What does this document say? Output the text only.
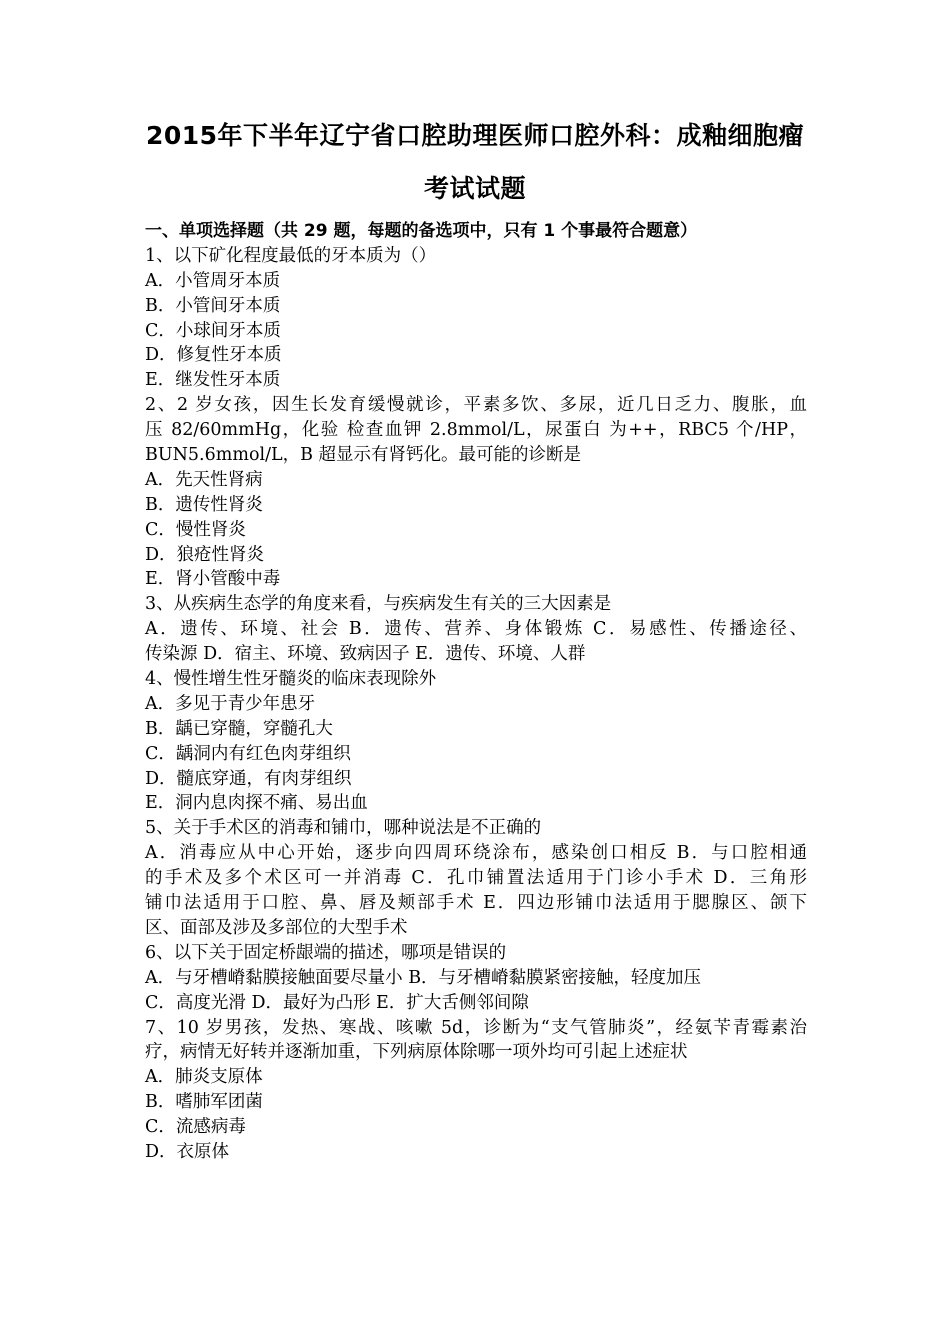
2015年下半年辽宁省口腔助理医师口腔外科：成釉细胞瘤
考试试题
一、单项选择题（共 29 题，每题的备选项中，只有 1 个事最符合题意）
1、以下矿化程度最低的牙本质为（）
A．小管周牙本质
B．小管间牙本质
C．小球间牙本质
D．修复性牙本质
E．继发性牙本质
2、2 岁女孩，因生长发育缓慢就诊，平素多饮、多尿，近几日乏力、腹胀，血
压 82/60mmHg，化验 检查血钾 2.8mmol/L，尿蛋白 为++，RBC5 个/HP，
BUN5.6mmol/L，B 超显示有肾钙化。最可能的诊断是
A．先天性肾病
B．遗传性肾炎
C．慢性肾炎
D．狼疮性肾炎
E．肾小管酸中毒
3、从疾病生态学的角度来看，与疾病发生有关的三大因素是
A．遗传、环境、社会 B．遗传、营养、身体锻炼 C．易感性、传播途径、
传染源 D．宿主、环境、致病因子 E．遗传、环境、人群
4、慢性增生性牙髓炎的临床表现除外
A．多见于青少年患牙
B．龋已穿髓，穿髓孔大
C．龋洞内有红色肉芽组织
D．髓底穿通，有肉芽组织
E．洞内息肉探不痛、易出血
5、关于手术区的消毒和铺巾，哪种说法是不正确的
A．消毒应从中心开始，逐步向四周环绕涂布，感染创口相反 B．与口腔相通
的手术及多个术区可一并消毒 C．孔巾铺置法适用于门诊小手术 D．三角形
铺巾法适用于口腔、鼻、唇及颊部手术 E．四边形铺巾法适用于腮腺区、颌下
区、面部及涉及多部位的大型手术
6、以下关于固定桥龈端的描述，哪项是错误的
A．与牙槽嵴黏膜接触面要尽量小 B．与牙槽嵴黏膜紧密接触，轻度加压
C．高度光滑 D．最好为凸形 E．扩大舌侧邻间隙
7、10 岁男孩，发热、寒战、咳嗽 5d，诊断为“支气管肺炎”，经氨苄青霉素治
疗，病情无好转并逐渐加重，下列病原体除哪一项外均可引起上述症状
A．肺炎支原体
B．嗜肺军团菌
C．流感病毒
D．衣原体
